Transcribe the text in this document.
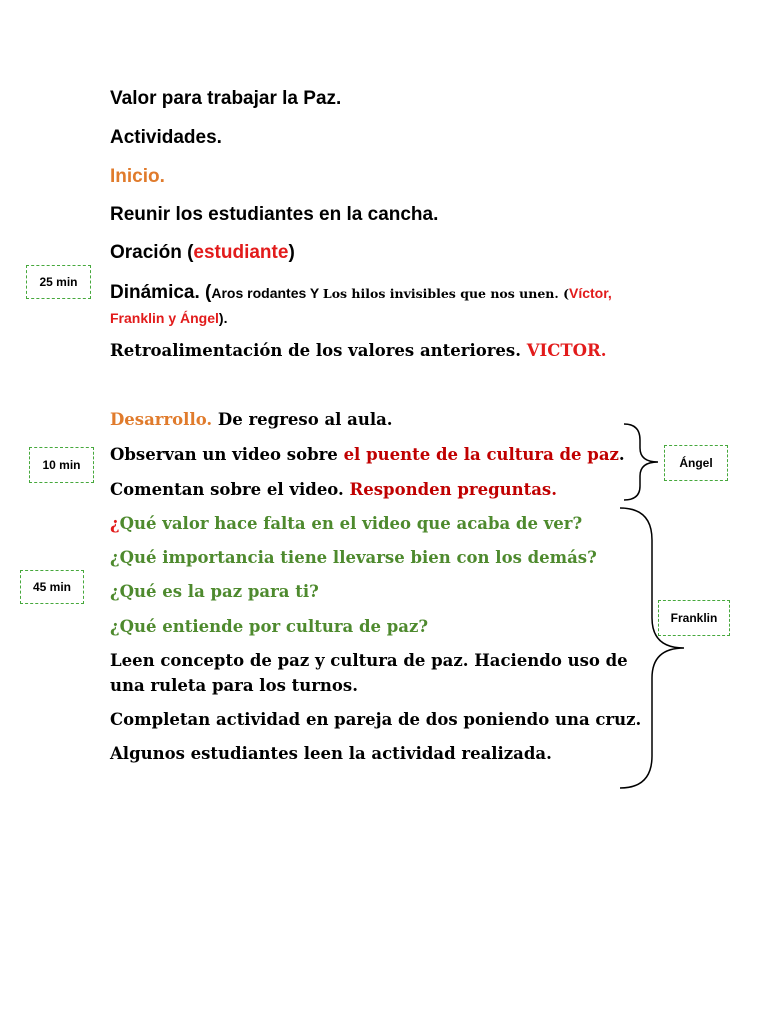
Valor para trabajar la Paz.
Actividades.
Inicio.
Reunir los estudiantes en la cancha.
Oración (estudiante)
Dinámica. (Aros rodantes Y Los hilos invisibles que nos unen. (Víctor,
Franklin y Ángel).
Retroalimentación de los valores anteriores. VICTOR.
Desarrollo. De regreso al aula.
Observan un video sobre el puente de la cultura de paz.
Comentan sobre el video. Responden preguntas.
¿Qué valor hace falta en el video que acaba de ver?
¿Qué importancia tiene llevarse bien con los demás?
¿Qué es la paz para ti?
¿Qué entiende por cultura de paz?
Leen concepto de paz y cultura de paz. Haciendo uso de
una ruleta para los turnos.
Completan actividad en pareja de dos poniendo una cruz.
Algunos estudiantes leen la actividad realizada.
25 min
10 min
45 min
Ángel
Franklin
